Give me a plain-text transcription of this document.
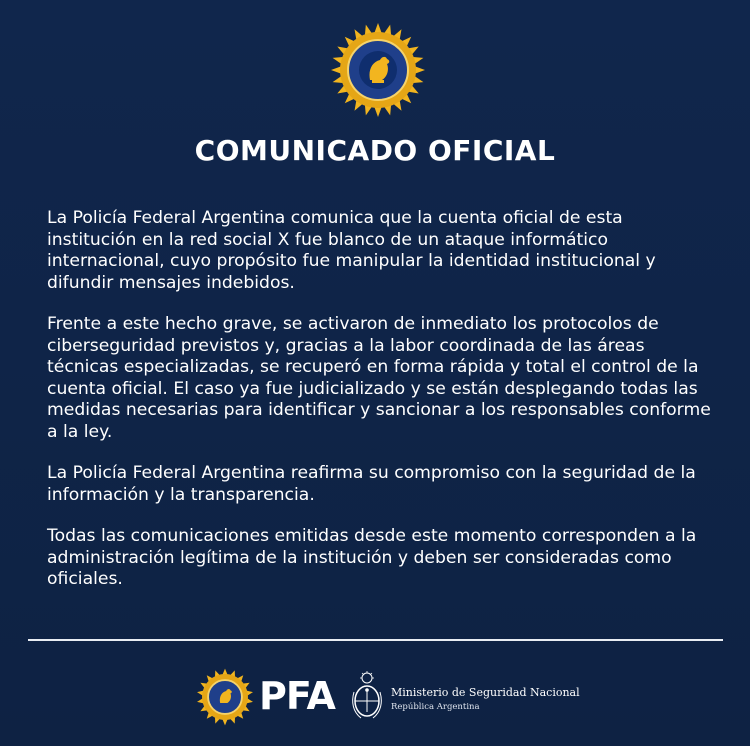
COMUNICADO OFICIAL

La Policía Federal Argentina comunica que la cuenta oficial de esta institución en la red social X fue blanco de un ataque informático internacional, cuyo propósito fue manipular la identidad institucional y difundir mensajes indebidos.

Frente a este hecho grave, se activaron de inmediato los protocolos de ciberseguridad previstos y, gracias a la labor coordinada de las áreas técnicas especializadas, se recuperó en forma rápida y total el control de la cuenta oficial. El caso ya fue judicializado y se están desplegando todas las medidas necesarias para identificar y sancionar a los responsables conforme a la ley.

La Policía Federal Argentina reafirma su compromiso con la seguridad de la información y la transparencia.

Todas las comunicaciones emitidas desde este momento corresponden a la administración legítima de la institución y deben ser consideradas como oficiales.

PFA	Ministerio de Seguridad Nacional
República Argentina
